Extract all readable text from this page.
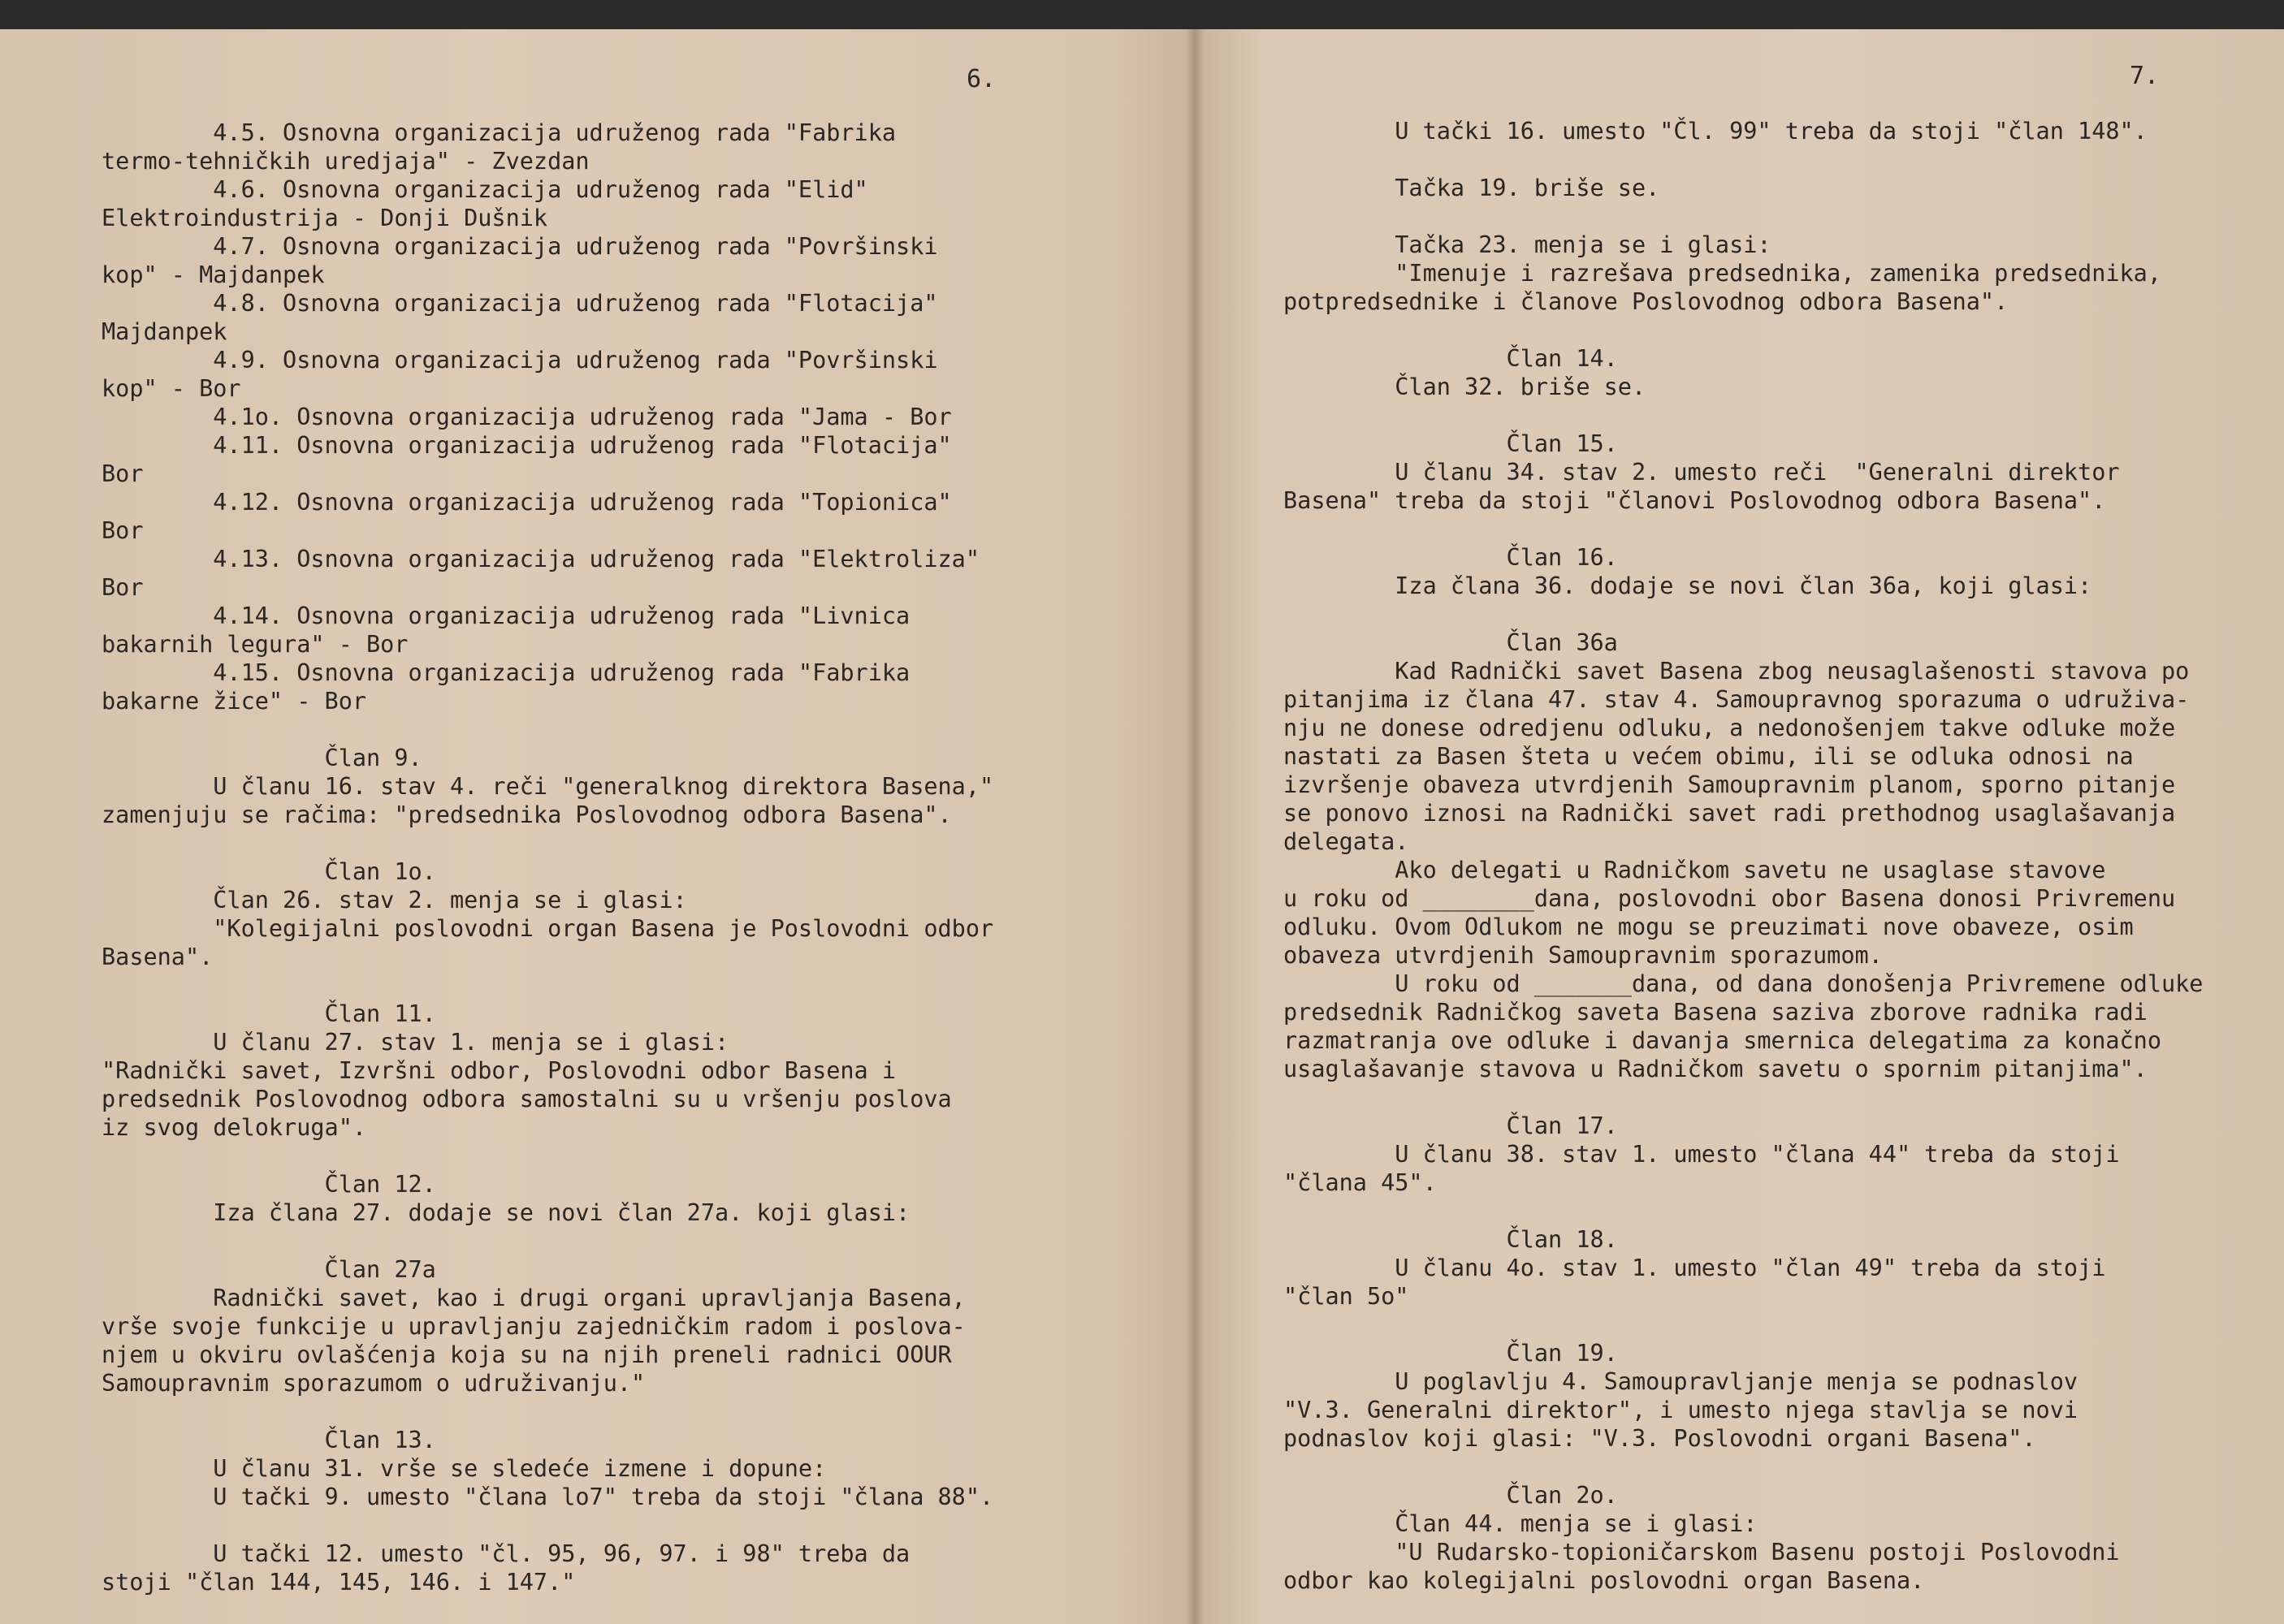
6.
4.5. Osnovna organizacija udruženog rada "Fabrika
termo-tehničkih uredjaja" - Zvezdan
4.6. Osnovna organizacija udruženog rada "Elid"
Elektroindustrija - Donji Dušnik
4.7. Osnovna organizacija udruženog rada "Površinski
kop" - Majdanpek
4.8. Osnovna organizacija udruženog rada "Flotacija"
Majdanpek
4.9. Osnovna organizacija udruženog rada "Površinski
kop" - Bor
4.1o. Osnovna organizacija udruženog rada "Jama - Bor
4.11. Osnovna organizacija udruženog rada "Flotacija"
Bor
4.12. Osnovna organizacija udruženog rada "Topionica"
Bor
4.13. Osnovna organizacija udruženog rada "Elektroliza"
Bor
4.14. Osnovna organizacija udruženog rada "Livnica
bakarnih legura" - Bor
4.15. Osnovna organizacija udruženog rada "Fabrika
bakarne žice" - Bor
Član 9.
U članu 16. stav 4. reči "generalknog direktora Basena,"
zamenjuju se račima: "predsednika Poslovodnog odbora Basena".
Član 1o.
Član 26. stav 2. menja se i glasi:
"Kolegijalni poslovodni organ Basena je Poslovodni odbor
Basena".
Član 11.
U članu 27. stav 1. menja se i glasi:
"Radnički savet, Izvršni odbor, Poslovodni odbor Basena i
predsednik Poslovodnog odbora samostalni su u vršenju poslova
iz svog delokruga".
Član 12.
Iza člana 27. dodaje se novi član 27a. koji glasi:
Član 27a
Radnički savet, kao i drugi organi upravljanja Basena,
vrše svoje funkcije u upravljanju zajedničkim radom i poslova-
njem u okviru ovlašćenja koja su na njih preneli radnici OOUR
Samoupravnim sporazumom o udruživanju."
Član 13.
U članu 31. vrše se sledeće izmene i dopune:
U tački 9. umesto "člana lo7" treba da stoji "člana 88".
U tački 12. umesto "čl. 95, 96, 97. i 98" treba da
stoji "član 144, 145, 146. i 147."
7.
U tački 16. umesto "Čl. 99" treba da stoji "član 148".
Tačka 19. briše se.
Tačka 23. menja se i glasi:
"Imenuje i razrešava predsednika, zamenika predsednika,
potpredsednike i članove Poslovodnog odbora Basena".
Član 14.
Član 32. briše se.
Član 15.
U članu 34. stav 2. umesto reči  "Generalni direktor
Basena" treba da stoji "članovi Poslovodnog odbora Basena".
Član 16.
Iza člana 36. dodaje se novi član 36a, koji glasi:
Član 36a
Kad Radnički savet Basena zbog neusaglašenosti stavova po
pitanjima iz člana 47. stav 4. Samoupravnog sporazuma o udruživa-
nju ne donese odredjenu odluku, a nedonošenjem takve odluke može
nastati za Basen šteta u većem obimu, ili se odluka odnosi na
izvršenje obaveza utvrdjenih Samoupravnim planom, sporno pitanje
se ponovo iznosi na Radnički savet radi prethodnog usaglašavanja
delegata.
Ako delegati u Radničkom savetu ne usaglase stavove
u roku od ________dana, poslovodni obor Basena donosi Privremenu
odluku. Ovom Odlukom ne mogu se preuzimati nove obaveze, osim
obaveza utvrdjenih Samoupravnim sporazumom.
U roku od _______dana, od dana donošenja Privremene odluke
predsednik Radničkog saveta Basena saziva zborove radnika radi
razmatranja ove odluke i davanja smernica delegatima za konačno
usaglašavanje stavova u Radničkom savetu o spornim pitanjima".
Član 17.
U članu 38. stav 1. umesto "člana 44" treba da stoji
"člana 45".
Član 18.
U članu 4o. stav 1. umesto "član 49" treba da stoji
"član 5o"
Član 19.
U poglavlju 4. Samoupravljanje menja se podnaslov
"V.3. Generalni direktor", i umesto njega stavlja se novi
podnaslov koji glasi: "V.3. Poslovodni organi Basena".
Član 2o.
Član 44. menja se i glasi:
"U Rudarsko-topioničarskom Basenu postoji Poslovodni
odbor kao kolegijalni poslovodni organ Basena.
